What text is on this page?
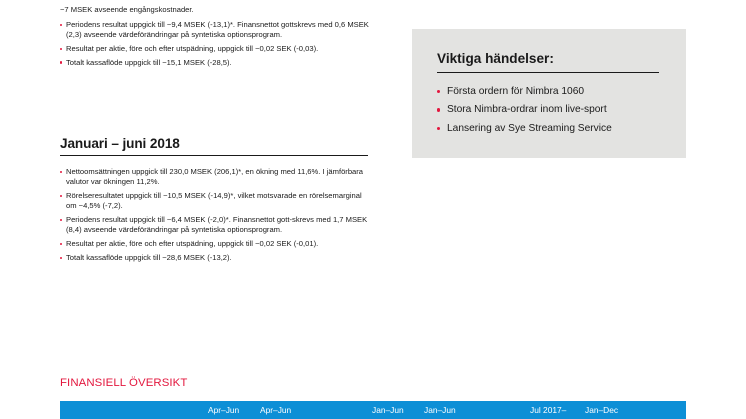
−7 MSEK avseende engångskostnader.
Periodens resultat uppgick till −9,4 MSEK (-13,1)*. Finansnettot gottskrevs med 0,6 MSEK (2,3) avseende värdeförändringar på syntetiska optionsprogram.
Resultat per aktie, före och efter utspädning, uppgick till −0,02 SEK (-0,03).
Totalt kassaflöde uppgick till −15,1 MSEK (-28,5).
Januari – juni 2018
Nettoomsättningen uppgick till 230,0 MSEK (206,1)*, en ökning med 11,6%. I jämförbara valutor var ökningen 11,2%.
Rörelseresultatet uppgick till −10,5 MSEK (-14,9)*, vilket motsvarade en rörelsemarginal om −4,5% (-7,2).
Periodens resultat uppgick till −6,4 MSEK (-2,0)*. Finansnettot gott-skrevs med 1,7 MSEK (8,4) avseende värdeförändringar på syntetiska optionsprogram.
Resultat per aktie, före och efter utspädning, uppgick till −0,02 SEK (-0,01).
Totalt kassaflöde uppgick till −28,6 MSEK (-13,2).
Viktiga händelser:
Första ordern för Nimbra 1060
Stora Nimbra-ordrar inom live-sport
Lansering av Sye Streaming Service
FINANSIELL ÖVERSIKT
Apr–Jun Apr–Jun	Jan–Jun Jan–Jun	Jul 2017– Jan–Dec
